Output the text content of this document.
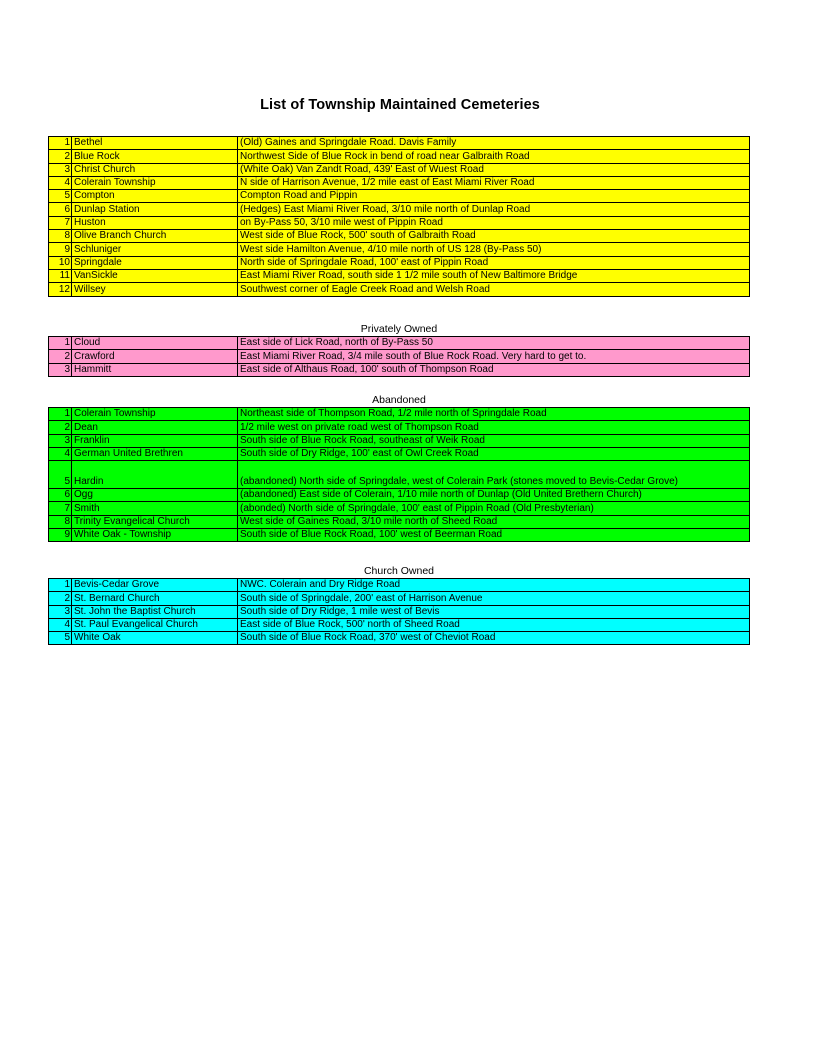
List of Township Maintained Cemeteries
1	Bethel	(Old) Gaines and Springdale Road. Davis Family
2	Blue Rock	Northwest Side of Blue Rock in bend of road near Galbraith Road
3	Christ Church	(White Oak) Van Zandt Road, 439' East of Wuest Road
4	Colerain Township	N side of Harrison Avenue, 1/2 mile east of East Miami River Road
5	Compton	Compton Road and Pippin
6	Dunlap Station	(Hedges) East Miami River Road, 3/10 mile north of Dunlap Road
7	Huston	on By-Pass 50, 3/10 mile west of Pippin Road
8	Olive Branch Church	West side of Blue Rock, 500' south of Galbraith Road
9	Schluniger	West side Hamilton Avenue, 4/10 mile north of US 128 (By-Pass 50)
10	Springdale	North side of Springdale Road, 100' east of Pippin Road
11	VanSickle	East Miami River Road, south side 1 1/2 mile south of New Baltimore Bridge
12	Willsey	Southwest corner of Eagle Creek Road and Welsh Road
Privately Owned
1	Cloud	East side of Lick Road, north of By-Pass 50
2	Crawford	East Miami River Road, 3/4 mile south of Blue Rock Road. Very hard to get to.
3	Hammitt	East side of Althaus Road, 100' south of Thompson Road
Abandoned
1	Colerain Township	Northeast side of Thompson Road, 1/2 mile north of Springdale Road
2	Dean	1/2 mile west on private road west of Thompson Road
3	Franklin	South side of Blue Rock Road, southeast of Weik Road
4	German United Brethren	South side of Dry Ridge, 100' east of Owl Creek Road
5	Hardin	(abandoned) North side of Springdale, west of Colerain Park (stones moved to Bevis-Cedar Grove)
6	Ogg	(abandoned) East side of Colerain, 1/10 mile north of Dunlap (Old United Brethern Church)
7	Smith	(abonded) North side of Springdale, 100' east of Pippin Road (Old Presbyterian)
8	Trinity Evangelical Church	West side of Gaines Road, 3/10 mile north of Sheed Road
9	White Oak - Township	South side of Blue Rock Road, 100' west of Beerman Road
Church Owned
1	Bevis-Cedar Grove	NWC. Colerain and Dry Ridge Road
2	St. Bernard Church	South side of Springdale, 200' east of Harrison Avenue
3	St. John the Baptist Church	South side of Dry Ridge, 1 mile west of Bevis
4	St. Paul Evangelical Church	East side of Blue Rock, 500' north of Sheed Road
5	White Oak	South side of Blue Rock Road, 370' west of Cheviot Road
